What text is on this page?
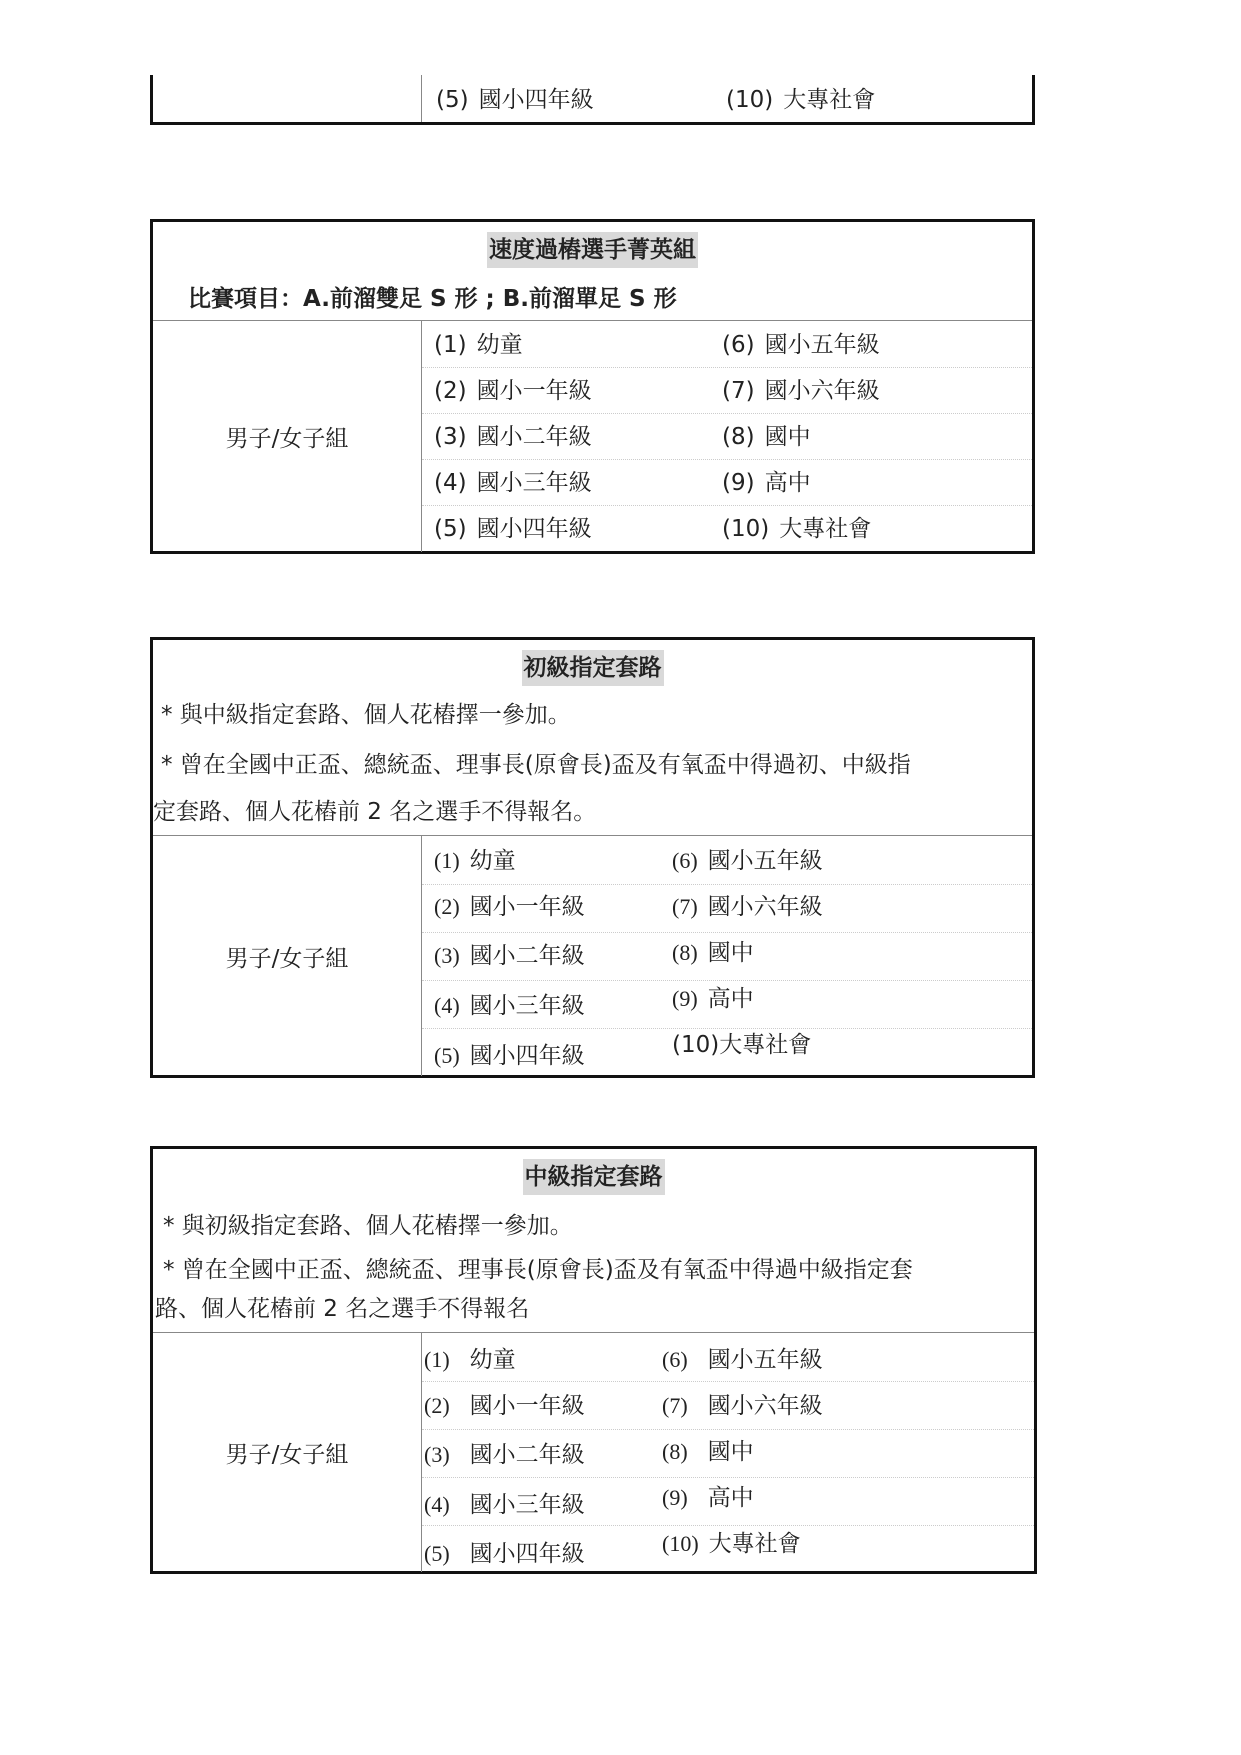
(5) 國小四年級	(10) 大專社會
速度過樁選手菁英組
比賽項目：A.前溜雙足 S 形 ; B.前溜單足 S 形
男子/女子組
(1) 幼童
(2) 國小一年級
(3) 國小二年級
(4) 國小三年級
(5) 國小四年級
(6) 國小五年級
(7) 國小六年級
(8) 國中
(9) 高中
(10) 大專社會
初級指定套路
* 與中級指定套路、個人花樁擇一參加。
* 曾在全國中正盃、總統盃、理事長(原會長)盃及有氧盃中得過初、中級指
定套路、個人花樁前 2 名之選手不得報名。
男子/女子組
(1) 幼童
(2) 國小一年級
(3) 國小二年級
(4) 國小三年級
(5) 國小四年級
(6) 國小五年級
(7) 國小六年級
(8) 國中
(9) 高中
(10)大專社會
中級指定套路
* 與初級指定套路、個人花樁擇一參加。
* 曾在全國中正盃、總統盃、理事長(原會長)盃及有氧盃中得過中級指定套
路、個人花樁前 2 名之選手不得報名
男子/女子組
(1) 幼童
(2) 國小一年級
(3) 國小二年級
(4) 國小三年級
(5) 國小四年級
(6) 國小五年級
(7) 國小六年級
(8) 國中
(9) 高中
(10) 大專社會
